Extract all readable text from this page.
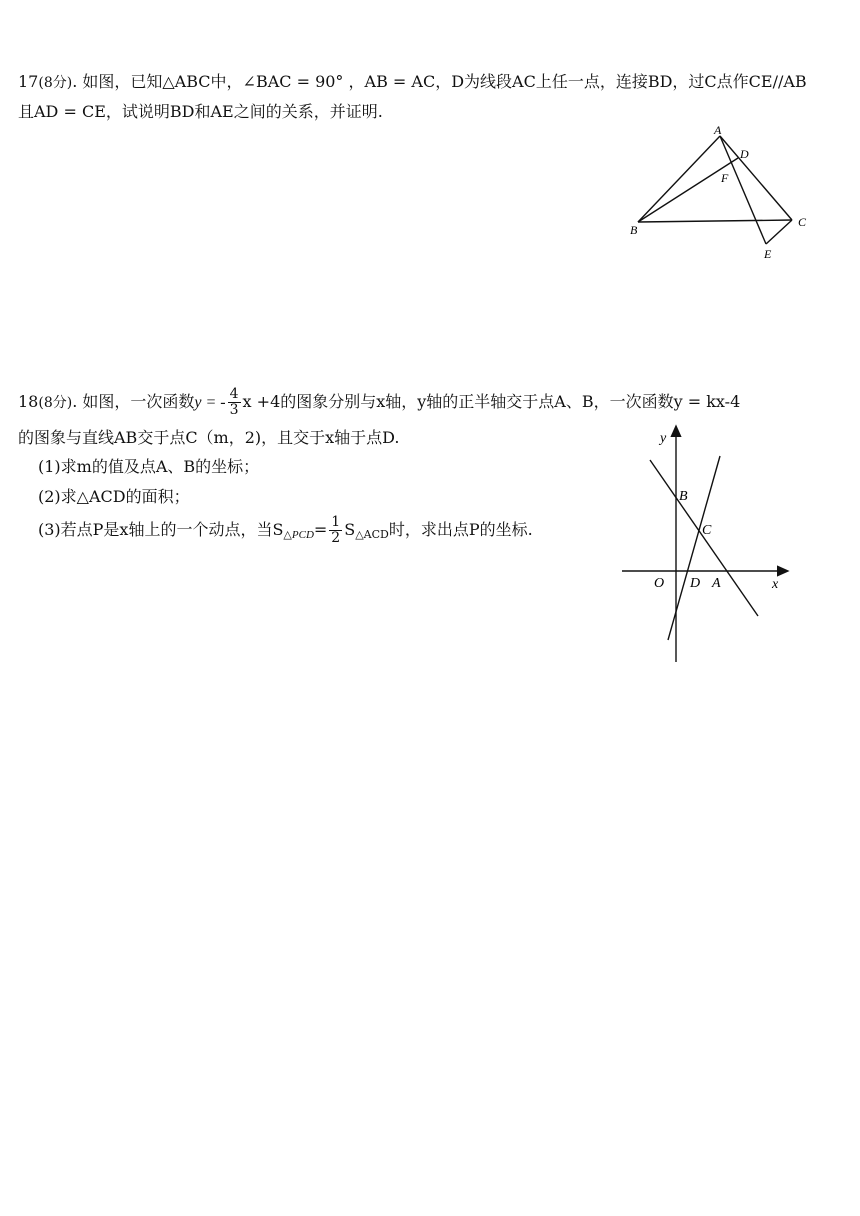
17(8分). 如图，已知△ABC中，∠BAC = 90° ，AB = AC，D为线段AC上任一点，连接BD，过C点作CE//AB
且AD = CE，试说明BD和AE之间的关系，并证明.
A
D
F
B
C
E
18(8分). 如图，一次函数y = - $\frac{4}{3}$ x +4的图象分别与x轴，y轴的正半轴交于点A、B，一次函数y = kx-4
的图象与直线AB交于点C（m，2)，且交于x轴于点D.
(1)求m的值及点A、B的坐标；
(2)求△ACD的面积；
(3)若点P是x轴上的一个动点，当$S_{\triangle PCD}= \frac{1}{2} S_{\triangle ACD}$时，求出点P的坐标.
y
x
O
B
C
D A
